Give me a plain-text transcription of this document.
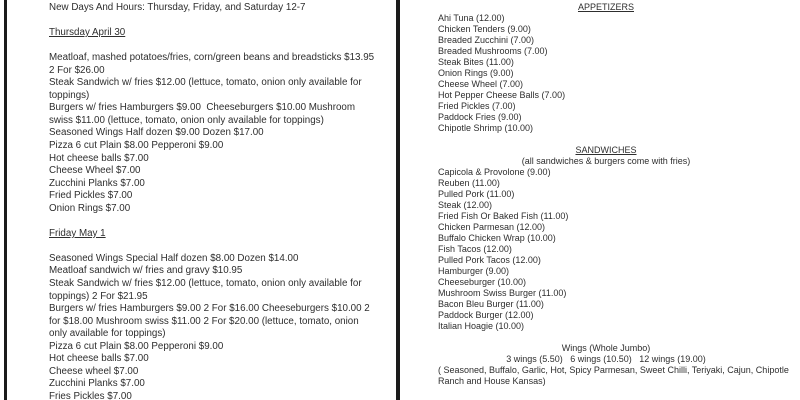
New Days And Hours: Thursday, Friday, and Saturday 12-7

Thursday April 30

Meatloaf, mashed potatoes/fries, corn/green beans and breadsticks $13.95
2 For $26.00
Steak Sandwich w/ fries $12.00 (lettuce, tomato, onion only available for
toppings)
Burgers w/ fries Hamburgers $9.00  Cheeseburgers $10.00 Mushroom
swiss $11.00 (lettuce, tomato, onion only available for toppings)
Seasoned Wings Half dozen $9.00 Dozen $17.00
Pizza 6 cut Plain $8.00 Pepperoni $9.00
Hot cheese balls $7.00
Cheese Wheel $7.00
Zucchini Planks $7.00
Fried Pickles $7.00
Onion Rings $7.00

Friday May 1

Seasoned Wings Special Half dozen $8.00 Dozen $14.00
Meatloaf sandwich w/ fries and gravy $10.95
Steak Sandwich w/ fries $12.00 (lettuce, tomato, onion only available for
toppings) 2 For $21.95
Burgers w/ fries Hamburgers $9.00 2 For $16.00 Cheeseburgers $10.00 2
for $18.00 Mushroom swiss $11.00 2 For $20.00 (lettuce, tomato, onion
only available for toppings)
Pizza 6 cut Plain $8.00 Pepperoni $9.00
Hot cheese balls $7.00
Cheese wheel $7.00
Zucchini Planks $7.00
Fries Pickles $7.00
APPETIZERS
Ahi Tuna (12.00)
Chicken Tenders (9.00)
Breaded Zucchini (7.00)
Breaded Mushrooms (7.00)
Steak Bites (11.00)
Onion Rings (9.00)
Cheese Wheel (7.00)
Hot Pepper Cheese Balls (7.00)
Fried Pickles (7.00)
Paddock Fries (9.00)
Chipotle Shrimp (10.00)

SANDWICHES
(all sandwiches & burgers come with fries)
Capicola & Provolone (9.00)
Reuben (11.00)
Pulled Pork (11.00)
Steak (12.00)
Fried Fish Or Baked Fish (11.00)
Chicken Parmesan (12.00)
Buffalo Chicken Wrap (10.00)
Fish Tacos (12.00)
Pulled Pork Tacos (12.00)
Hamburger (9.00)
Cheeseburger (10.00)
Mushroom Swiss Burger (11.00)
Bacon Bleu Burger (11.00)
Paddock Burger (12.00)
Italian Hoagie (10.00)

Wings (Whole Jumbo)
3 wings (5.50)   6 wings (10.50)   12 wings (19.00)
( Seasoned, Buffalo, Garlic, Hot, Spicy Parmesan, Sweet Chilli, Teriyaki, Cajun, Chipotle
Ranch and House Kansas)
